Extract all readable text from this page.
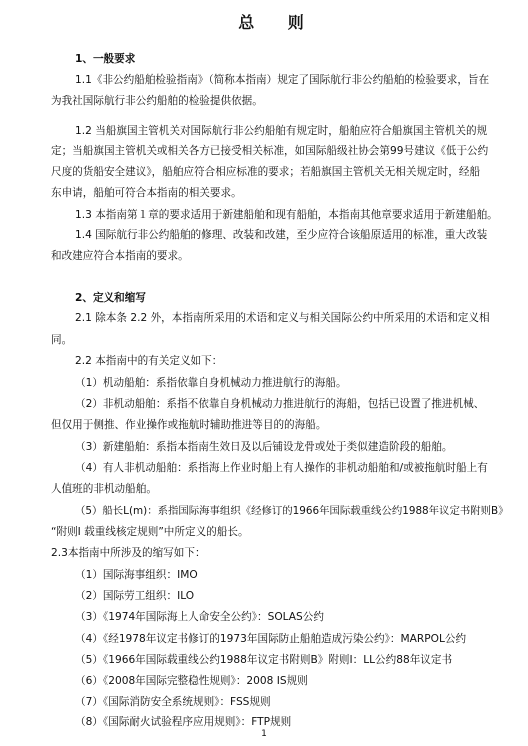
总 则
1、一般要求
1.1《非公约船舶检验指南》（简称本指南）规定了国际航行非公约船舶的检验要求，旨在
为我社国际航行非公约船舶的检验提供依据。
1.2 当船旗国主管机关对国际航行非公约船舶有规定时，船舶应符合船旗国主管机关的规
定；当船旗国主管机关或相关各方已接受相关标准，如国际船级社协会第99号建议《低于公约
尺度的货船安全建议》，船舶应符合相应标准的要求；若船旗国主管机关无相关规定时，经船
东申请，船舶可符合本指南的相关要求。
1.3 本指南第１章的要求适用于新建船舶和现有船舶，本指南其他章要求适用于新建船舶。
1.4 国际航行非公约船舶的修理、改装和改建，至少应符合该船原适用的标准，重大改装
和改建应符合本指南的要求。
2、定义和缩写
2.1 除本条 2.2 外，本指南所采用的术语和定义与相关国际公约中所采用的术语和定义相
同。
2.2 本指南中的有关定义如下：
（1）机动船舶：系指依靠自身机械动力推进航行的海船。
（2）非机动船舶：系指不依靠自身机械动力推进航行的海船，包括已设置了推进机械、
但仅用于侧推、作业操作或拖航时辅助推进等目的的海船。
（3）新建船舶：系指本指南生效日及以后铺设龙骨或处于类似建造阶段的船舶。
（4）有人非机动船舶：系指海上作业时船上有人操作的非机动船舶和/或被拖航时船上有
人值班的非机动船舶。
（5）船长L(m)：系指国际海事组织《经修订的1966年国际载重线公约1988年议定书附则B》
“附则I 载重线核定规则”中所定义的船长。
2.3本指南中所涉及的缩写如下：
（1）国际海事组织：IMO
（2）国际劳工组织：ILO
（3）《1974年国际海上人命安全公约》：SOLAS公约
（4）《经1978年议定书修订的1973年国际防止船舶造成污染公约》：MARPOL公约
（5）《1966年国际载重线公约1988年议定书附则B》附则I：LL公约88年议定书
（6）《2008年国际完整稳性规则》：2008 IS规则
（7）《国际消防安全系统规则》：FSS规则
（8）《国际耐火试验程序应用规则》：FTP规则
1
